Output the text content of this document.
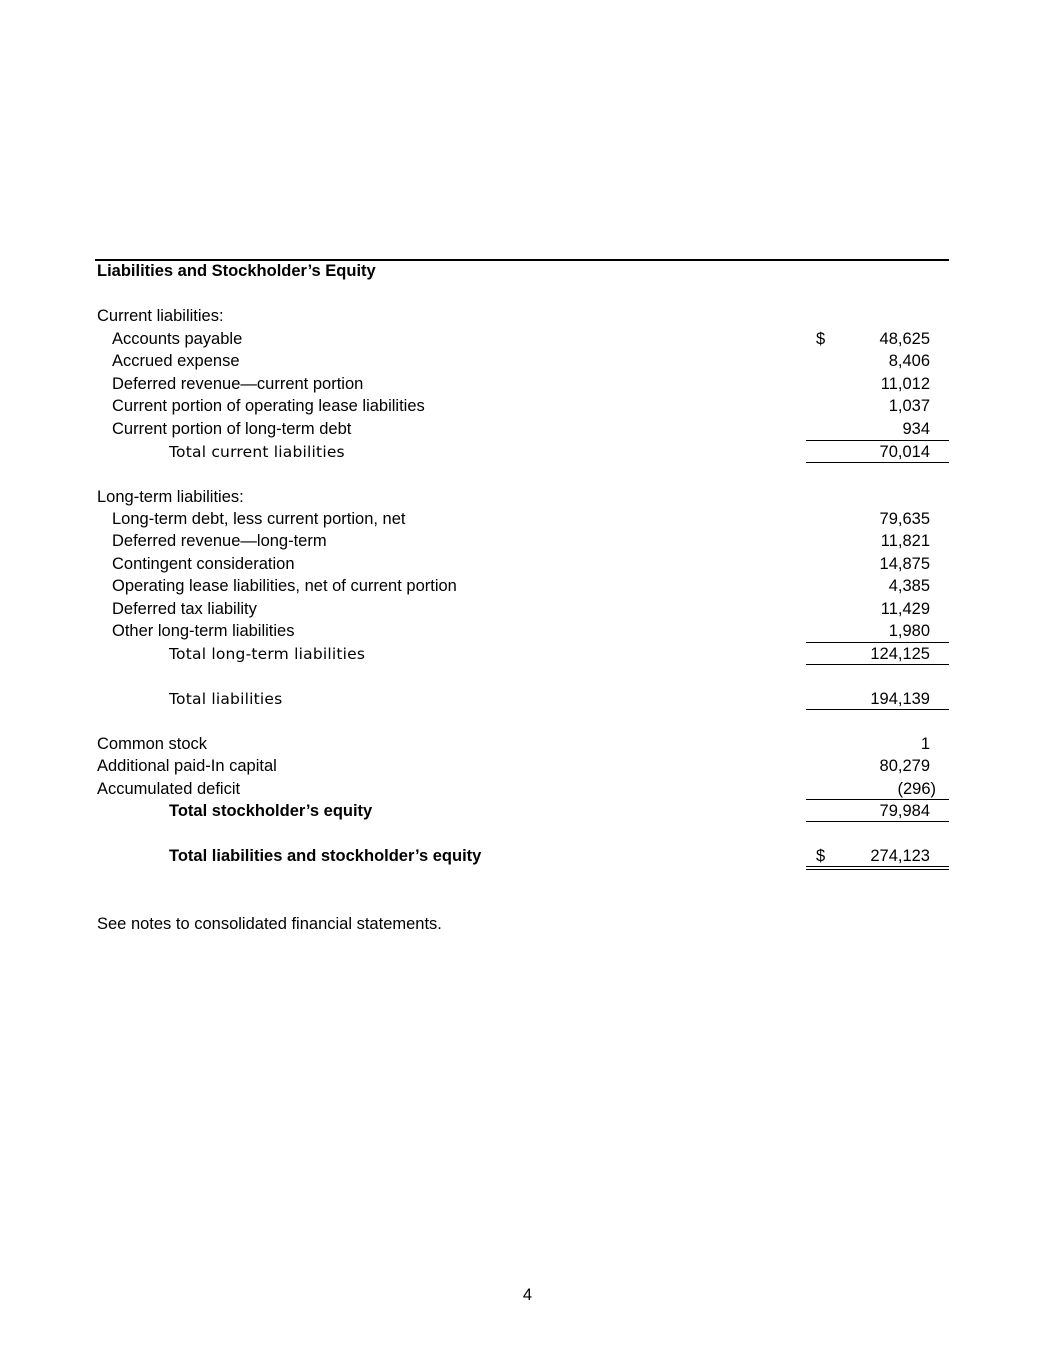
Liabilities and Stockholder’s Equity
Current liabilities:
Accounts payable	$	48,625
Accrued expense	8,406
Deferred revenue—current portion	11,012
Current portion of operating lease liabilities	1,037
Current portion of long-term debt	934
Total current liabilities	70,014
Long-term liabilities:
Long-term debt, less current portion, net	79,635
Deferred revenue—long-term	11,821
Contingent consideration	14,875
Operating lease liabilities, net of current portion	4,385
Deferred tax liability	11,429
Other long-term liabilities	1,980
Total long-term liabilities	124,125
Total liabilities	194,139
Common stock	1
Additional paid-In capital	80,279
Accumulated deficit	(296)
Total stockholder’s equity	79,984
Total liabilities and stockholder’s equity	$	274,123
See notes to consolidated financial statements.
4
